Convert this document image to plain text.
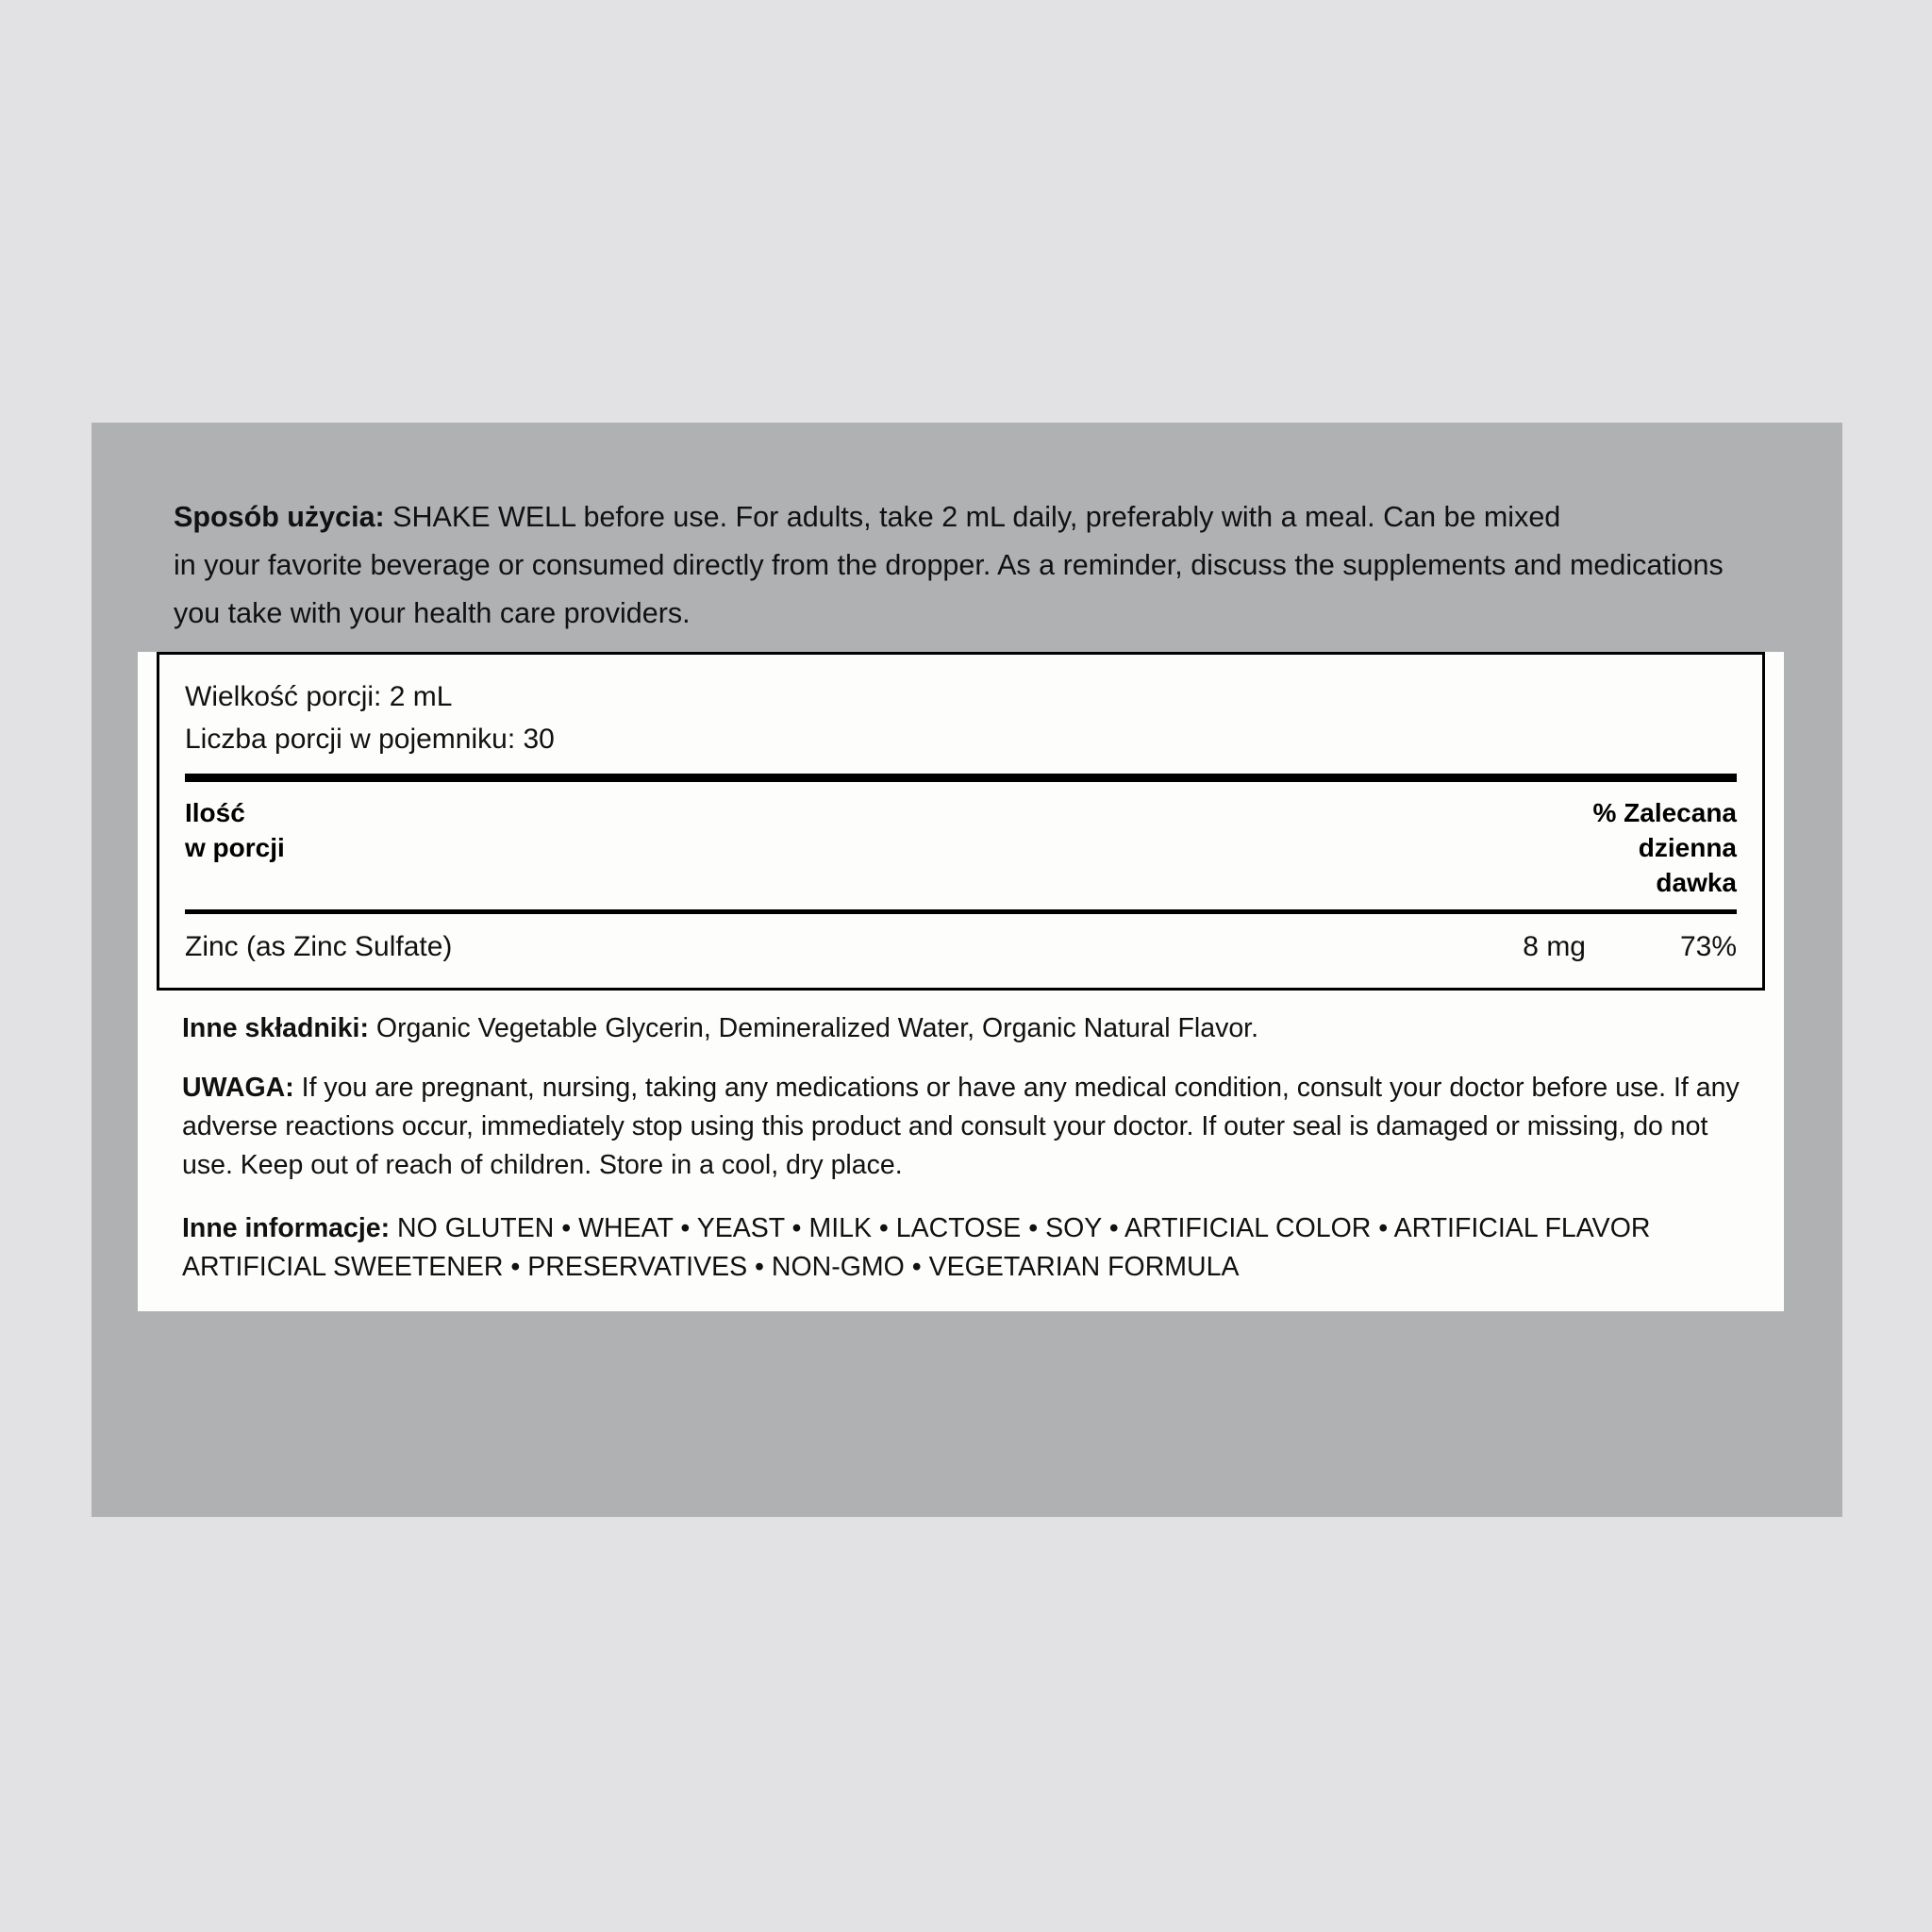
Sposób użycia: SHAKE WELL before use. For adults, take 2 mL daily, preferably with a meal. Can be mixed
in your favorite beverage or consumed directly from the dropper. As a reminder, discuss the supplements and medications you take with your health care providers.
Wielkość porcji: 2 mL
Liczba porcji w pojemniku: 30
Ilość
w porcji
% Zalecana
dzienna
dawka
Zinc (as Zinc Sulfate)	8 mg	73%
Inne składniki: Organic Vegetable Glycerin, Demineralized Water, Organic Natural Flavor.
UWAGA: If you are pregnant, nursing, taking any medications or have any medical condition, consult your doctor before use. If any adverse reactions occur, immediately stop using this product and consult your doctor. If outer seal is damaged or missing, do not use. Keep out of reach of children. Store in a cool, dry place.
Inne informacje: NO GLUTEN • WHEAT • YEAST • MILK • LACTOSE • SOY • ARTIFICIAL COLOR • ARTIFICIAL FLAVOR
ARTIFICIAL SWEETENER • PRESERVATIVES • NON-GMO • VEGETARIAN FORMULA
